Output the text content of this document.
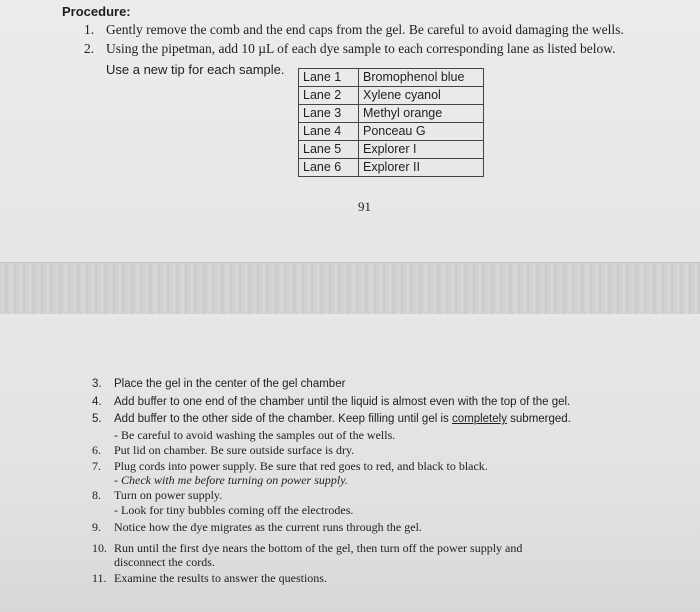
Procedure:
1. Gently remove the comb and the end caps from the gel. Be careful to avoid damaging the wells.
2. Using the pipetman, add 10 µL of each dye sample to each corresponding lane as listed below.
Use a new tip for each sample. Lane 1	Bromophenol blue
Lane 2	Xylene cyanol
Lane 3	Methyl orange
Lane 4	Ponceau G
Lane 5	Explorer I
Lane 6	Explorer II
91
3.	Place the gel in the center of the gel chamber
4.	Add buffer to one end of the chamber until the liquid is almost even with the top of the gel.
5.	Add buffer to the other side of the chamber. Keep filling until gel is completely submerged.
- Be careful to avoid washing the samples out of the wells.
6.	Put lid on chamber. Be sure outside surface is dry.
7.	Plug cords into power supply. Be sure that red goes to red, and black to black.
- Check with me before turning on power supply.
8.	Turn on power supply.
- Look for tiny bubbles coming off the electrodes.
9.	Notice how the dye migrates as the current runs through the gel.
10. Run until the first dye nears the bottom of the gel, then turn off the power supply and
disconnect the cords.
11. Examine the results to answer the questions.
